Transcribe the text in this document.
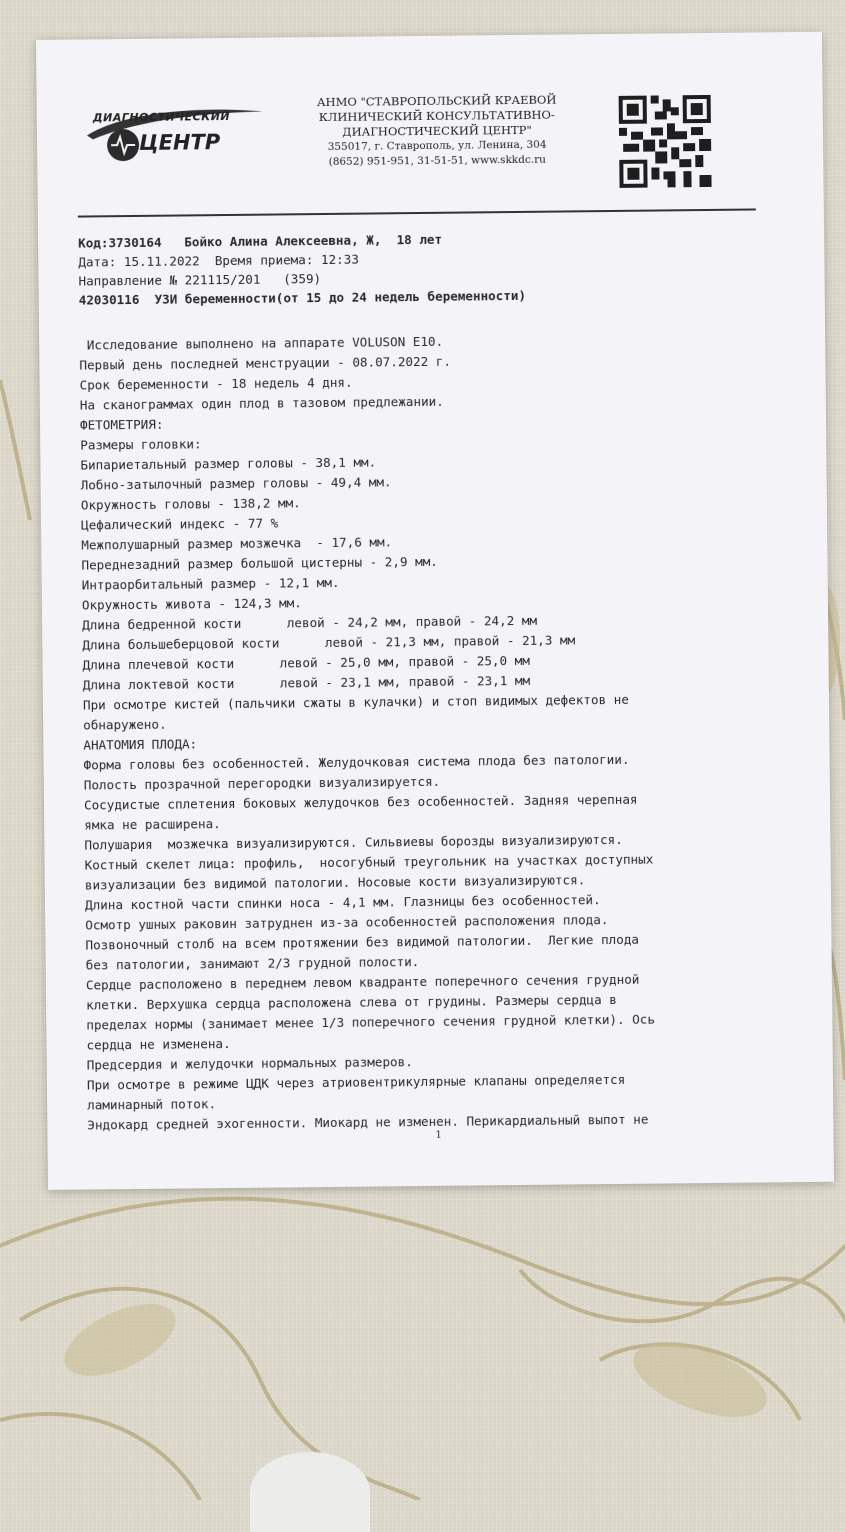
ДИАГНОСТИЧЕСКИЙ
ЦЕНТР
АНМО "СТАВРОПОЛЬСКИЙ КРАЕВОЙ
КЛИНИЧЕСКИЙ КОНСУЛЬТАТИВНО-
ДИАГНОСТИЧЕСКИЙ ЦЕНТР"
355017, г. Ставрополь, ул. Ленина, 304
(8652) 951-951, 31-51-51, www.skkdc.ru
Код:3730164   Бойко Алина Алексеевна, Ж,  18 лет
Дата: 15.11.2022  Время приема: 12:33
Направление № 221115/201   (359)
42030116  УЗИ беременности(от 15 до 24 недель беременности)
Исследование выполнено на аппарате VOLUSON E10.
Первый день последней менструации - 08.07.2022 г.
Срок беременности - 18 недель 4 дня.
На сканограммах один плод в тазовом предлежании.
ФЕТОМЕТРИЯ:
Размеры головки:
Бипариетальный размер головы - 38,1 мм.
Лобно-затылочный размер головы - 49,4 мм.
Окружность головы - 138,2 мм.
Цефалический индекс - 77 %
Межполушарный размер мозжечка  - 17,6 мм.
Переднезадний размер большой цистерны - 2,9 мм.
Интраорбитальный размер - 12,1 мм.
Окружность живота - 124,3 мм.
Длина бедренной кости      левой - 24,2 мм, правой - 24,2 мм
Длина большеберцовой кости      левой - 21,3 мм, правой - 21,3 мм
Длина плечевой кости      левой - 25,0 мм, правой - 25,0 мм
Длина локтевой кости      левой - 23,1 мм, правой - 23,1 мм
При осмотре кистей (пальчики сжаты в кулачки) и стоп видимых дефектов не
обнаружено.
АНАТОМИЯ ПЛОДА:
Форма головы без особенностей. Желудочковая система плода без патологии.
Полость прозрачной перегородки визуализируется.
Сосудистые сплетения боковых желудочков без особенностей. Задняя черепная
ямка не расширена.
Полушария  мозжечка визуализируются. Сильвиевы борозды визуализируются.
Костный скелет лица: профиль,  носогубный треугольник на участках доступных
визуализации без видимой патологии. Носовые кости визуализируются.
Длина костной части спинки носа - 4,1 мм. Глазницы без особенностей.
Осмотр ушных раковин затруднен из-за особенностей расположения плода.
Позвоночный столб на всем протяжении без видимой патологии.  Легкие плода
без патологии, занимают 2/3 грудной полости.
Сердце расположено в переднем левом квадранте поперечного сечения грудной
клетки. Верхушка сердца расположена слева от грудины. Размеры сердца в
пределах нормы (занимает менее 1/3 поперечного сечения грудной клетки). Ось
сердца не изменена.
Предсердия и желудочки нормальных размеров.
При осмотре в режиме ЦДК через атриовентрикулярные клапаны определяется
ламинарный поток.
Эндокард средней эхогенности. Миокард не изменен. Перикардиальный выпот не
1
